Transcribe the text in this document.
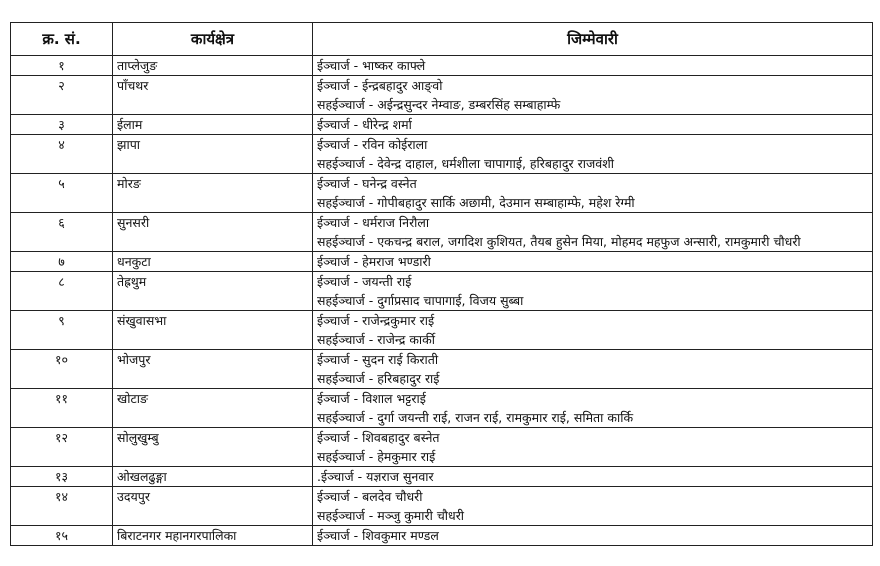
क्र. सं.	कार्यक्षेत्र	जिम्मेवारी
१	ताप्लेजुङ	ईञ्चार्ज - भाष्कर काफ्ले

२	पाँचथर	ईञ्चार्ज - ईन्द्रबहादुर आङ्वो
सहईञ्चार्ज - अईन्द्रसुन्दर नेम्वाङ, डम्बरसिंह सम्बाहाम्फे

३	ईलाम	ईञ्चार्ज - धीरेन्द्र शर्मा

४	झापा	ईञ्चार्ज - रविन कोईराला
सहईञ्चार्ज - देवेन्द्र दाहाल, धर्मशीला चापागाई, हरिबहादुर राजवंशी

५	मोरङ	ईञ्चार्ज - घनेन्द्र वस्नेत
सहईञ्चार्ज - गोपीबहादुर सार्कि अछामी, देउमान सम्बाहाम्फे, महेश रेग्मी

६	सुनसरी	ईञ्चार्ज - धर्मराज निरौला
सहईञ्चार्ज - एकचन्द्र बराल, जगदिश कुशियत, तैयब हुसेन मिया, मोहमद महफुज अन्सारी, रामकुमारी चौधरी

७	धनकुटा	ईञ्चार्ज - हेमराज भण्डारी

८	तेह्रथुम	ईञ्चार्ज - जयन्ती राई
सहईञ्चार्ज - दुर्गाप्रसाद चापागाई, विजय सुब्बा

९	संखुवासभा	ईञ्चार्ज - राजेन्द्रकुमार राई
सहईञ्चार्ज - राजेन्द्र कार्की

१०	भोजपुर	ईञ्चार्ज - सुदन राई किराती
सहईञ्चार्ज - हरिबहादुर राई

११	खोटाङ	ईञ्चार्ज - विशाल भट्टराई
सहईञ्चार्ज - दुर्गा जयन्ती राई, राजन राई, रामकुमार राई, समिता कार्कि

१२	सोलुखुम्बु	ईञ्चार्ज - शिवबहादुर बस्नेत
सहईञ्चार्ज - हेमकुमार राई

१३	ओखलढुङ्गा	.ईञ्चार्ज - यज्ञराज सुनवार

१४	उदयपुर	ईञ्चार्ज - बलदेव चौधरी
सहईञ्चार्ज - मञ्जु कुमारी चौधरी

१५	बिराटनगर महानगरपालिका	ईञ्चार्ज - शिवकुमार मण्डल
